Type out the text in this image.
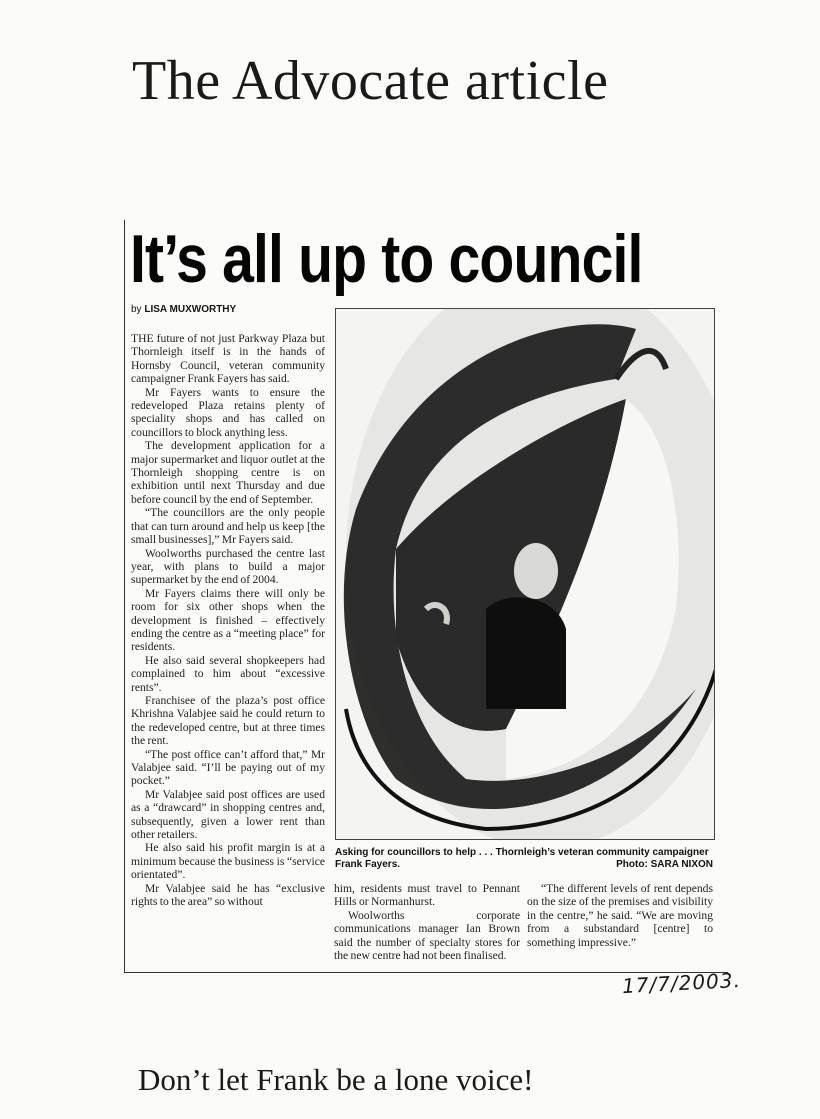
The Advocate article
It’s all up to council
by LISA MUXWORTHY

THE future of not just Parkway Plaza but Thornleigh itself is in the hands of Hornsby Council, veteran community campaigner Frank Fayers has said.

Mr Fayers wants to ensure the redeveloped Plaza retains plenty of speciality shops and has called on councillors to block anything less.

The development application for a major supermarket and liquor outlet at the Thornleigh shopping centre is on exhibition until next Thursday and due before council by the end of September.

“The councillors are the only people that can turn around and help us keep [the small businesses],” Mr Fayers said.

Woolworths purchased the centre last year, with plans to build a major supermarket by the end of 2004.

Mr Fayers claims there will only be room for six other shops when the development is finished – effectively ending the centre as a “meeting place” for residents.

He also said several shopkeepers had complained to him about “excessive rents”.

Franchisee of the plaza’s post office Khrishna Valabjee said he could return to the redeveloped centre, but at three times the rent.

“The post office can’t afford that,” Mr Valabjee said. “I’ll be paying out of my pocket.”

Mr Valabjee said post offices are used as a “drawcard” in shopping centres and, subsequently, given a lower rent than other retailers.

He also said his profit margin is at a minimum because the business is “service orientated”.

Mr Valabjee said he has “exclusive rights to the area” so without

Asking for councillors to help . . . Thornleigh’s veteran community campaigner Frank Fayers.	Photo: SARA NIXON

him, residents must travel to Pennant Hills or Normanhurst.

Woolworths corporate communications manager Ian Brown said the number of specialty stores for the new centre had not been finalised.

“The different levels of rent depends on the size of the premises and visibility in the centre,” he said. “We are moving from a substandard [centre] to something impressive.”

17/7/2003.
Don’t let Frank be a lone voice!
